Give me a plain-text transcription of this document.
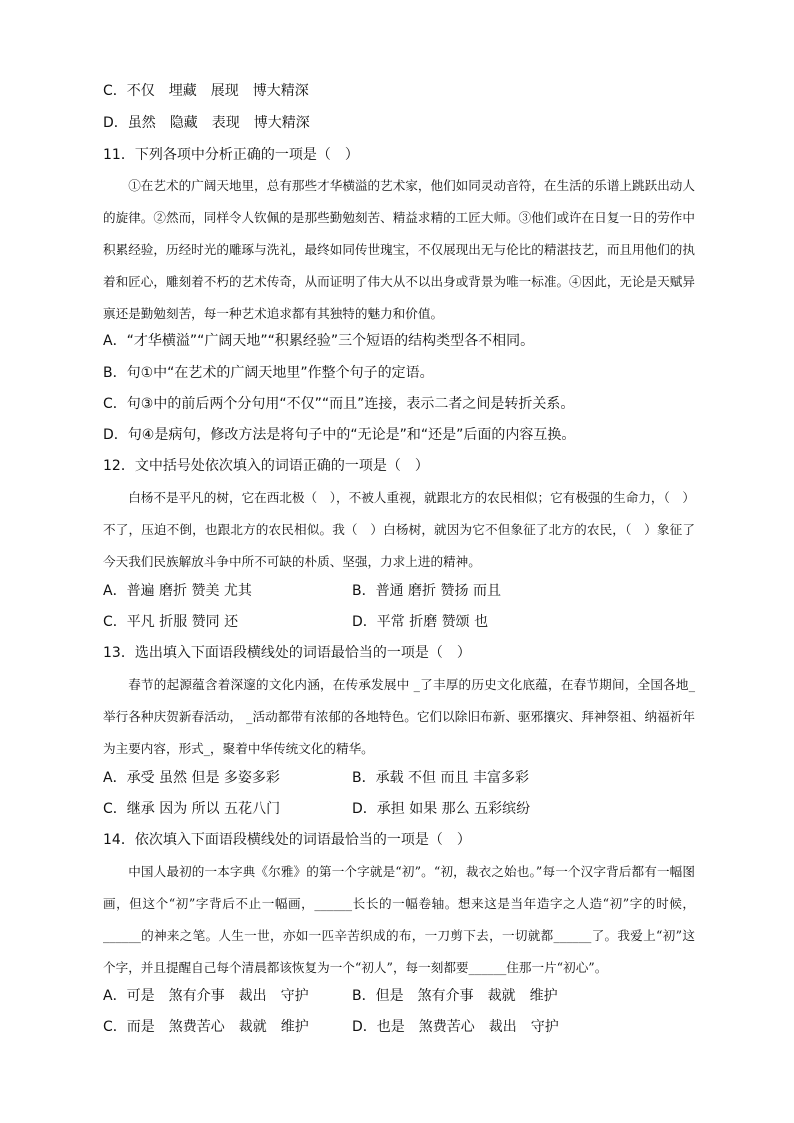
C．不仅　埋藏　展现　博大精深
D．虽然　隐藏　表现　博大精深
11．下列各项中分析正确的一项是（　）

①在艺术的广阔天地里，总有那些才华横溢的艺术家，他们如同灵动音符，在生活的乐谱上跳跃出动人的旋律。②然而，同样令人钦佩的是那些勤勉刻苦、精益求精的工匠大师。③他们或许在日复一日的劳作中积累经验，历经时光的雕琢与洗礼，最终如同传世瑰宝，不仅展现出无与伦比的精湛技艺，而且用他们的执着和匠心，雕刻着不朽的艺术传奇，从而证明了伟大从不以出身或背景为唯一标准。④因此，无论是天赋异禀还是勤勉刻苦，每一种艺术追求都有其独特的魅力和价值。

A．“才华横溢”“广阔天地”“积累经验”三个短语的结构类型各不相同。
B．句①中“在艺术的广阔天地里”作整个句子的定语。
C．句③中的前后两个分句用“不仅”“而且”连接，表示二者之间是转折关系。
D．句④是病句，修改方法是将句子中的“无论是”和“还是”后面的内容互换。
12．文中括号处依次填入的词语正确的一项是（　）

白杨不是平凡的树，它在西北极（　），不被人重视，就跟北方的农民相似；它有极强的生命力，（　）不了，压迫不倒，也跟北方的农民相似。我（　）白杨树，就因为它不但象征了北方的农民，（　）象征了今天我们民族解放斗争中所不可缺的朴质、坚强，力求上进的精神。

A．普遍 磨折 赞美 尤其	B．普通 磨折 赞扬 而且
C．平凡 折服 赞同 还	D．平常 折磨 赞颂 也
13．选出填入下面语段横线处的词语最恰当的一项是（　）

春节的起源蕴含着深邃的文化内涵，在传承发展中 _了丰厚的历史文化底蕴，在春节期间，全国各地_举行各种庆贺新春活动， _活动都带有浓郁的各地特色。它们以除旧布新、驱邪攘灾、拜神祭祖、纳福祈年为主要内容，形式_，聚着中华传统文化的精华。

A．承受 虽然 但是 多姿多彩	B．承载 不但 而且 丰富多彩
C．继承 因为 所以 五花八门	D．承担 如果 那么 五彩缤纷
14．依次填入下面语段横线处的词语最恰当的一项是（　）

中国人最初的一本字典《尔雅》的第一个字就是“初”。“初，裁衣之始也。”每一个汉字背后都有一幅图画，但这个“初”字背后不止一幅画，______长长的一幅卷轴。想来这是当年造字之人造“初”字的时候，______的神来之笔。人生一世，亦如一匹辛苦织成的布，一刀剪下去，一切就都______了。我爱上“初”这个字，并且提醒自己每个清晨都该恢复为一个“初人”，每一刻都要______住那一片“初心”。

A．可是　煞有介事　裁出　守护	B．但是　煞有介事　裁就　维护
C．而是　煞费苦心　裁就　维护	D．也是　煞费苦心　裁出　守护
